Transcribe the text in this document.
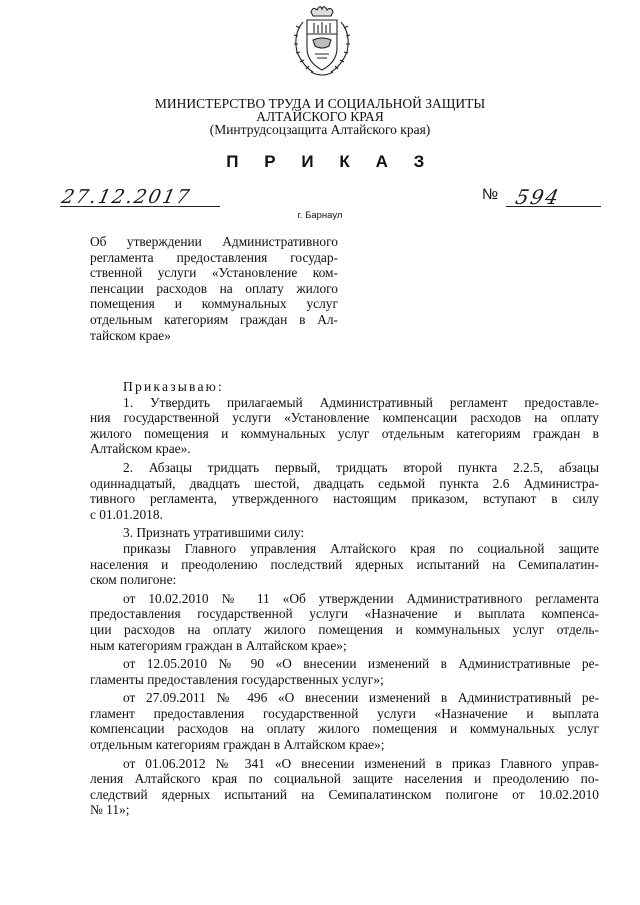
МИНИСТЕРСТВО ТРУДА И СОЦИАЛЬНОЙ ЗАЩИТЫ
АЛТАЙСКОГО КРАЯ
(Минтрудсоцзащита Алтайского края)
П Р И К А З
27.12.2017	№ 594
г. Барнаул
Об утверждении Административного
регламента предоставления государ-
ственной услуги «Установление ком-
пенсации расходов на оплату жилого
помещения и коммунальных услуг
отдельным категориям граждан в Ал-
тайском крае»
Приказываю:
1. Утвердить прилагаемый Административный регламент предоставле-
ния государственной услуги «Установление компенсации расходов на оплату
жилого помещения и коммунальных услуг отдельным категориям граждан в
Алтайском крае».
2. Абзацы тридцать первый, тридцать второй пункта 2.2.5, абзацы
одиннадцатый, двадцать шестой, двадцать седьмой пункта 2.6 Администра-
тивного регламента, утвержденного настоящим приказом, вступают в силу
с 01.01.2018.
3. Признать утратившими силу:
приказы Главного управления Алтайского края по социальной защите
населения и преодолению последствий ядерных испытаний на Семипалатин-
ском полигоне:
от 10.02.2010 № 11 «Об утверждении Административного регламента
предоставления государственной услуги «Назначение и выплата компенса-
ции расходов на оплату жилого помещения и коммунальных услуг отдель-
ным категориям граждан в Алтайском крае»;
от 12.05.2010 № 90 «О внесении изменений в Административные ре-
гламенты предоставления государственных услуг»;
от 27.09.2011 № 496 «О внесении изменений в Административный ре-
гламент предоставления государственной услуги «Назначение и выплата
компенсации расходов на оплату жилого помещения и коммунальных услуг
отдельным категориям граждан в Алтайском крае»;
от 01.06.2012 № 341 «О внесении изменений в приказ Главного управ-
ления Алтайского края по социальной защите населения и преодолению по-
следствий ядерных испытаний на Семипалатинском полигоне от 10.02.2010
№ 11»;
